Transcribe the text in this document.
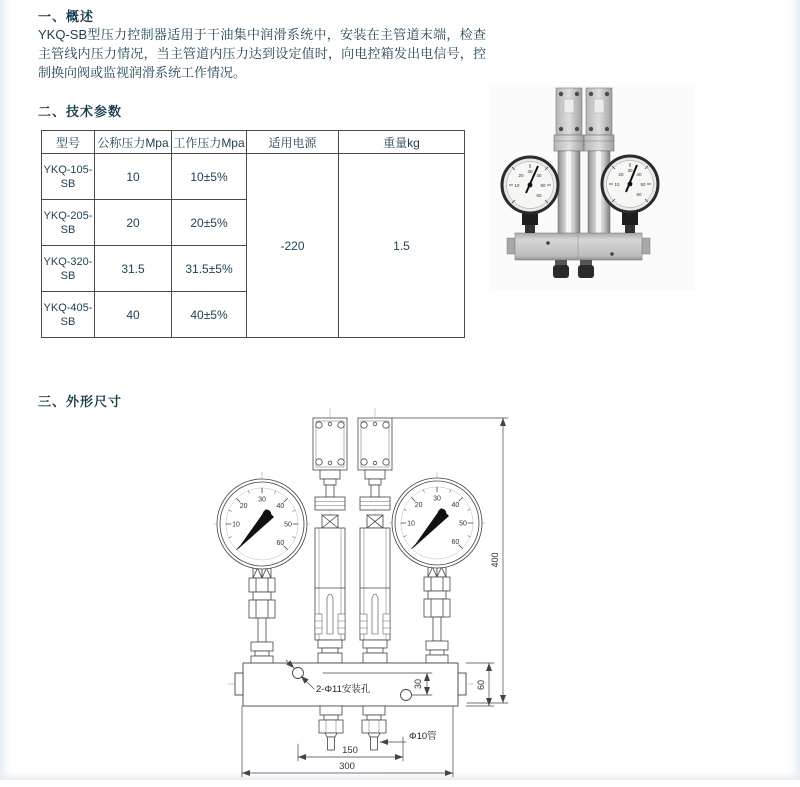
一、概述
YKQ-SB型压力控制器适用于干油集中润滑系统中，安装在主管道末端，检查主管线内压力情况，当主管道内压力达到设定值时，向电控箱发出电信号，控制换向阀或监视润滑系统工作情况。
二、技术参数
型号	公称压力Mpa	工作压力Mpa	适用电源	重量kg
YKQ-105-SB	10	10±5%	-220	1.5
YKQ-205-SB	20	20±5%		
YKQ-320-SB	31.5	31.5±5%		
YKQ-405-SB	40	40±5%		
10
20
30
40
50
60
10
20
30
40
50
60
三、外形尺寸	10
20
30
40
50
60
400
60
30
150
300
2-Φ11安装孔
Φ10管
